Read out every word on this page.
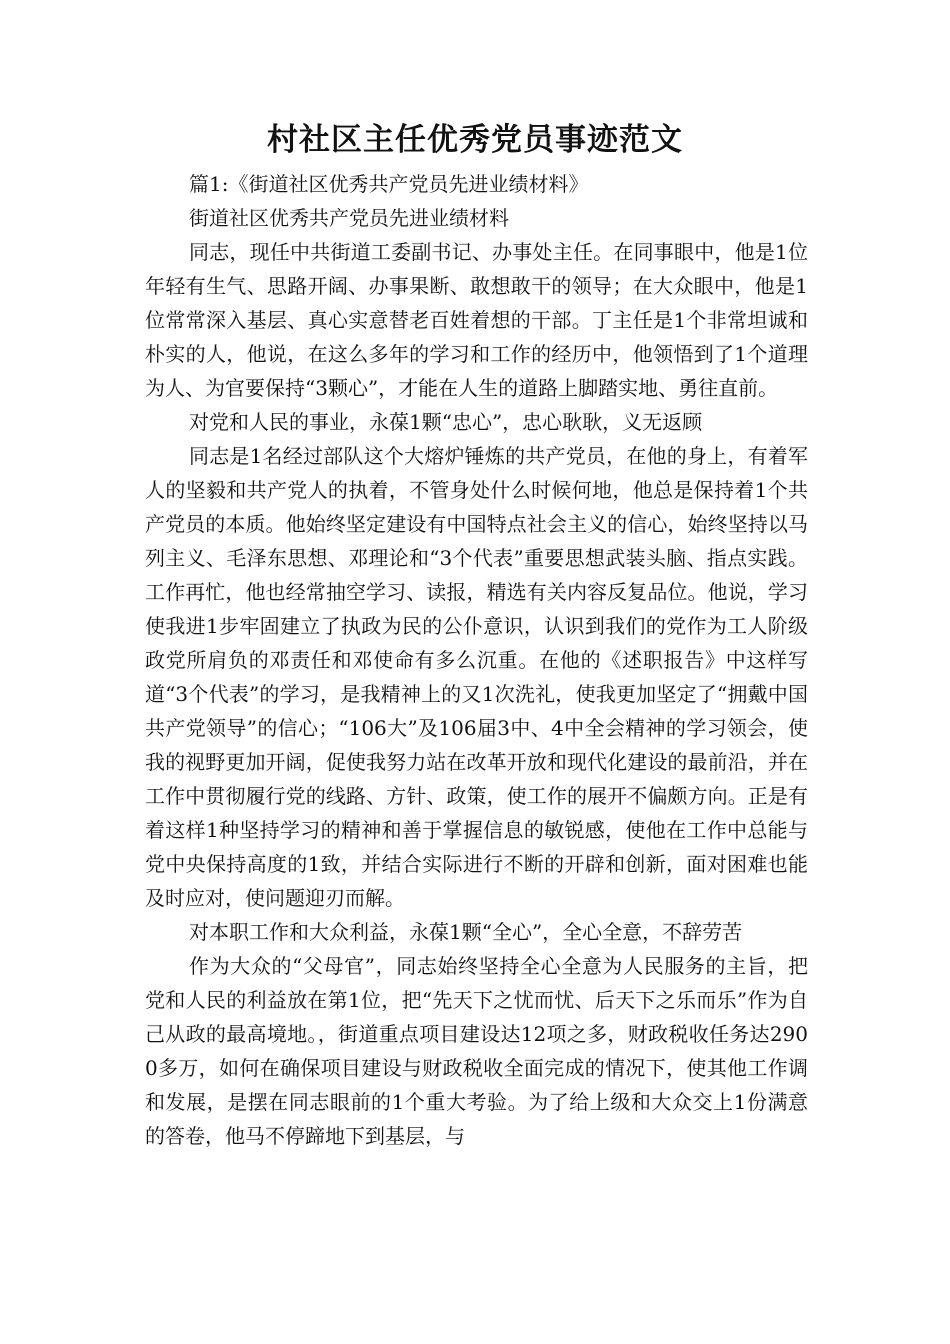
村社区主任优秀党员事迹范文

篇1:《街道社区优秀共产党员先进业绩材料》

街道社区优秀共产党员先进业绩材料

同志，现任中共街道工委副书记、办事处主任。在同事眼中，他是1位年轻有生气、思路开阔、办事果断、敢想敢干的领导；在大众眼中，他是1位常常深入基层、真心实意替老百姓着想的干部。丁主任是1个非常坦诚和朴实的人，他说，在这么多年的学习和工作的经历中，他领悟到了1个道理为人、为官要保持“3颗心”，才能在人生的道路上脚踏实地、勇往直前。

对党和人民的事业，永葆1颗“忠心”，忠心耿耿，义无返顾

同志是1名经过部队这个大熔炉锤炼的共产党员，在他的身上，有着军人的坚毅和共产党人的执着，不管身处什么时候何地，他总是保持着1个共产党员的本质。他始终坚定建设有中国特点社会主义的信心，始终坚持以马列主义、毛泽东思想、邓理论和“3个代表”重要思想武装头脑、指点实践。工作再忙，他也经常抽空学习、读报，精选有关内容反复品位。他说，学习使我进1步牢固建立了执政为民的公仆意识，认识到我们的党作为工人阶级政党所肩负的邓责任和邓使命有多么沉重。在他的《述职报告》中这样写道“3个代表”的学习，是我精神上的又1次洗礼，使我更加坚定了“拥戴中国共产党领导”的信心；“106大”及106届3中、4中全会精神的学习领会，使我的视野更加开阔，促使我努力站在改革开放和现代化建设的最前沿，并在工作中贯彻履行党的线路、方针、政策，使工作的展开不偏颇方向。正是有着这样1种坚持学习的精神和善于掌握信息的敏锐感，使他在工作中总能与党中央保持高度的1致，并结合实际进行不断的开辟和创新，面对困难也能及时应对，使问题迎刃而解。

对本职工作和大众利益，永葆1颗“全心”，全心全意，不辞劳苦

作为大众的“父母官”，同志始终坚持全心全意为人民服务的主旨，把党和人民的利益放在第1位，把“先天下之忧而忧、后天下之乐而乐”作为自己从政的最高境地。，街道重点项目建设达12项之多，财政税收任务达2900多万，如何在确保项目建设与财政税收全面完成的情况下，使其他工作调和发展，是摆在同志眼前的1个重大考验。为了给上级和大众交上1份满意的答卷，他马不停蹄地下到基层，与
